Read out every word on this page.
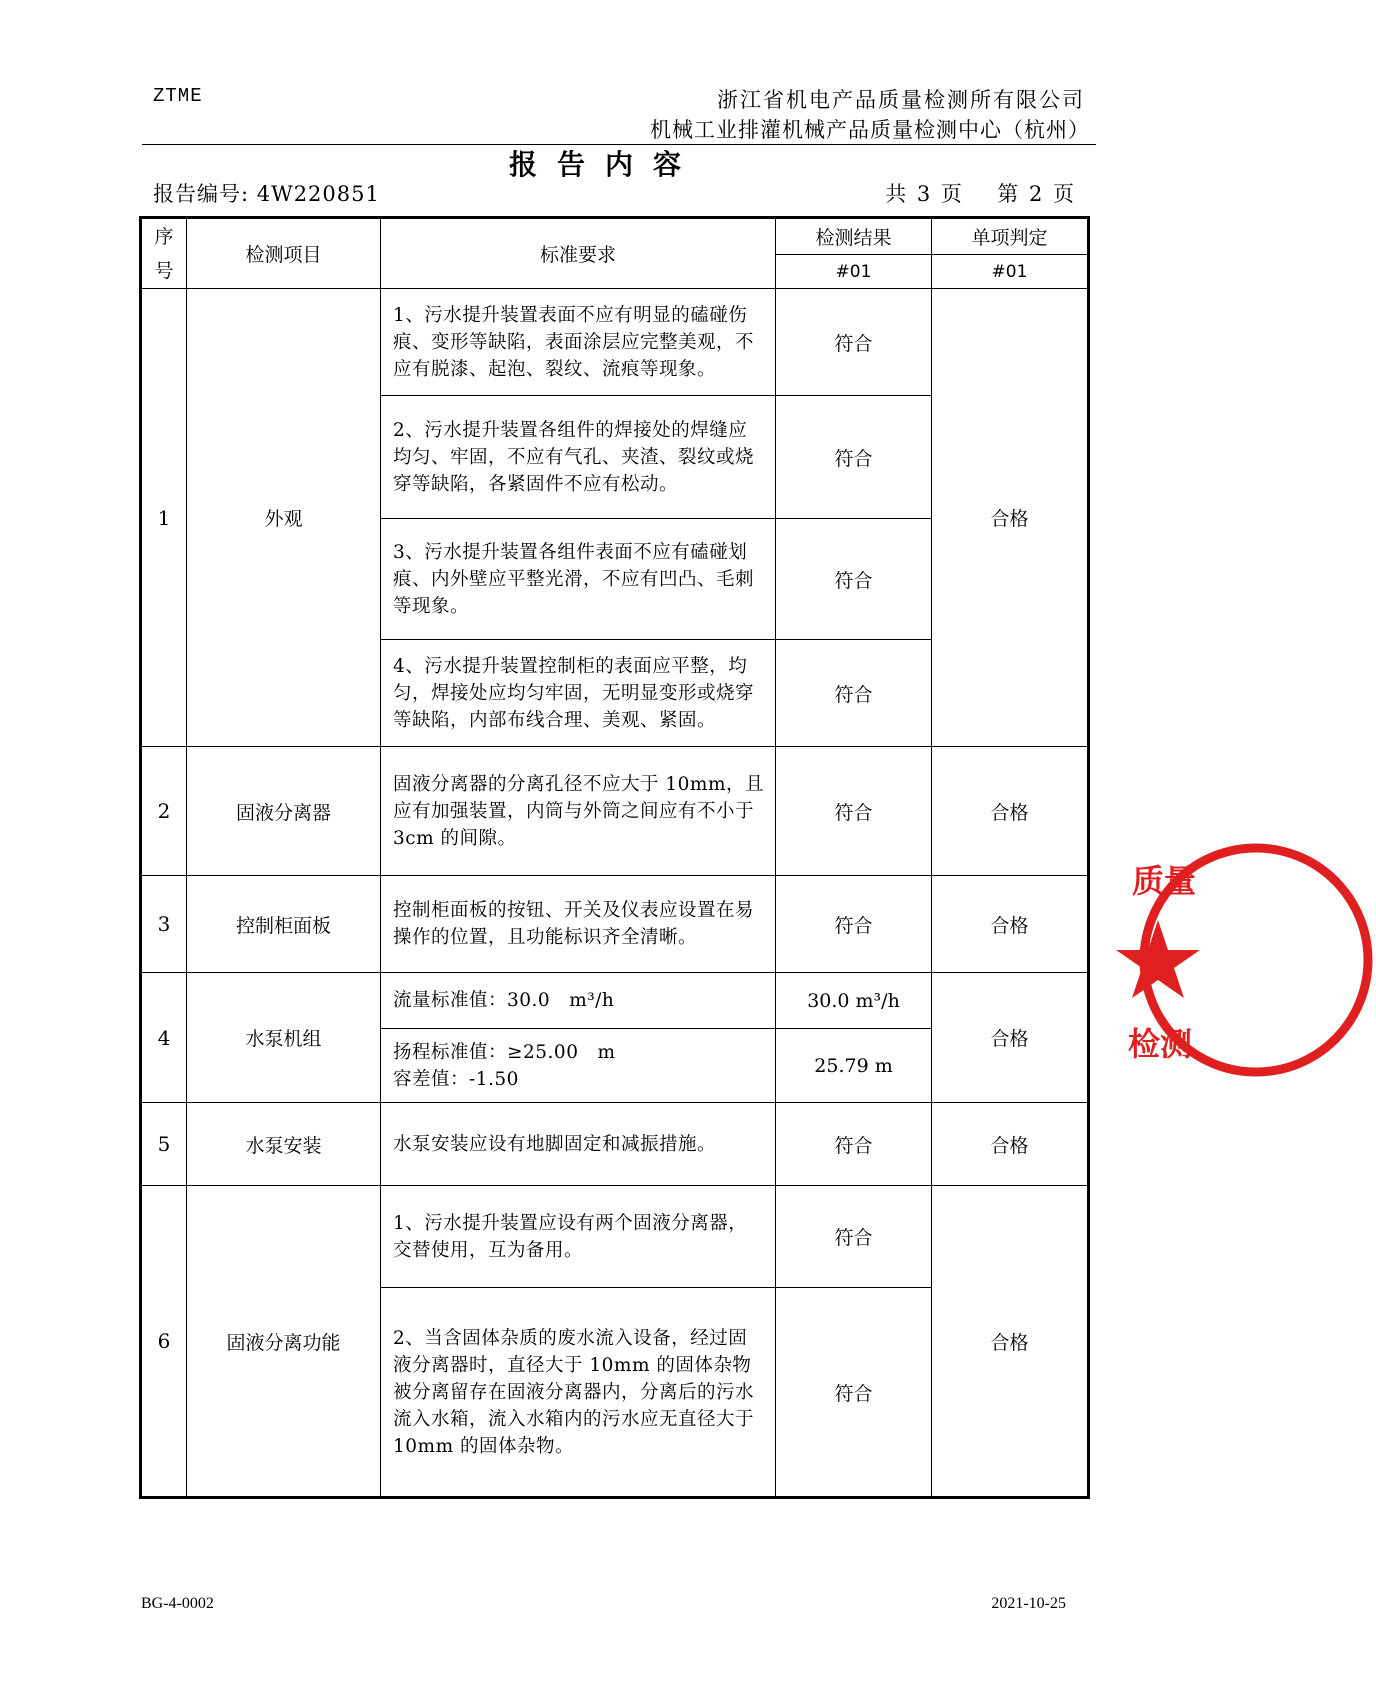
ZTME	浙江省机电产品质量检测所有限公司
机械工业排灌机械产品质量检测中心（杭州）
报告内容
报告编号: 4W220851	共 3 页 第 2 页
序号	检测项目	标准要求	检测结果	单项判定
			#01	#01
1	外观	1、污水提升装置表面不应有明显的磕碰伤痕、变形等缺陷，表面涂层应完整美观，不应有脱漆、起泡、裂纹、流痕等现象。	符合	合格
		2、污水提升装置各组件的焊接处的焊缝应均匀、牢固，不应有气孔、夹渣、裂纹或烧穿等缺陷，各紧固件不应有松动。	符合	
		3、污水提升装置各组件表面不应有磕碰划痕、内外壁应平整光滑，不应有凹凸、毛刺等现象。	符合	
		4、污水提升装置控制柜的表面应平整，均匀，焊接处应均匀牢固，无明显变形或烧穿等缺陷，内部布线合理、美观、紧固。	符合	
2	固液分离器	固液分离器的分离孔径不应大于 10mm，且应有加强装置，内筒与外筒之间应有不小于 3cm 的间隙。	符合	合格
3	控制柜面板	控制柜面板的按钮、开关及仪表应设置在易操作的位置，且功能标识齐全清晰。	符合	合格
4	水泵机组	流量标准值：30.0　m³/h	30.0 m³/h	合格

		扬程标准值：≥25.00　m
容差值：-1.50	25.79 m	
5	水泵安装	水泵安装应设有地脚固定和减振措施。	符合	合格
6	固液分离功能	1、污水提升装置应设有两个固液分离器，交替使用，互为备用。	符合	合格
		2、当含固体杂质的废水流入设备，经过固液分离器时，直径大于 10mm 的固体杂物被分离留存在固液分离器内，分离后的污水流入水箱，流入水箱内的污水应无直径大于 10mm 的固体杂物。	符合	
质量
检测
BG-4-0002	2021-10-25
